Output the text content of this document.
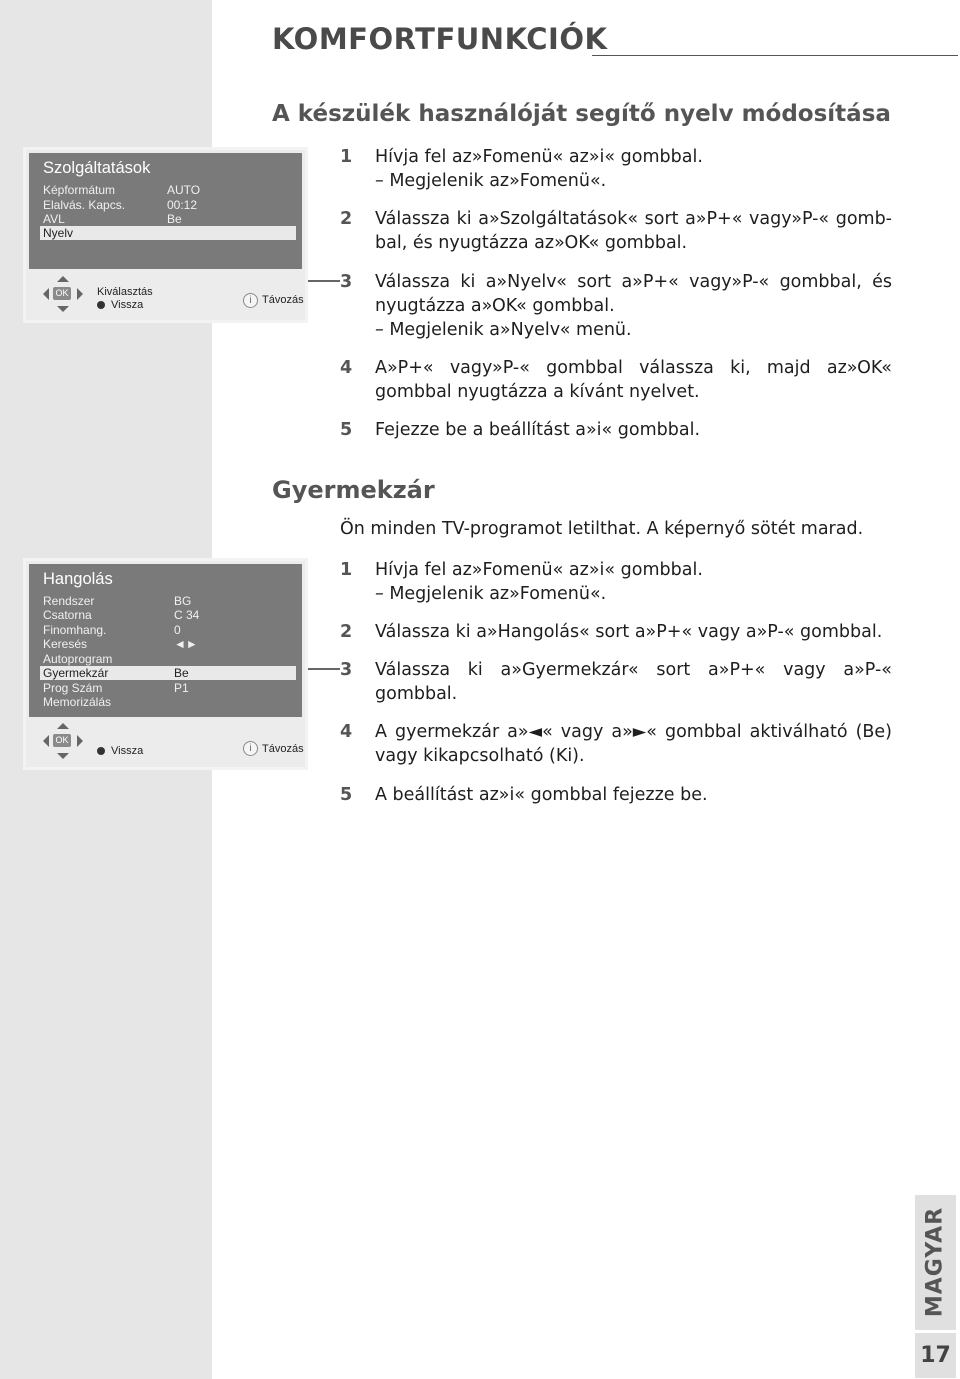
KOMFORTFUNKCIÓK
A készülék használóját segítő nyelv módosítása
1 Hívja fel az»Fomenü« az»i« gombbal.
– Megjelenik az»Fomenü«.
2 Válassza ki a»Szolgáltatások« sort a»P+« vagy»P-« gomb-bal, és nyugtázza az»OK« gombbal.
3 Válassza ki a»Nyelv« sort a»P+« vagy»P-« gombbal, és nyugtázza a»OK« gombbal.
– Megjelenik a»Nyelv« menü.
4 A»P+« vagy»P-« gombbal válassza ki, majd az»OK« gombbal nyugtázza a kívánt nyelvet.
5 Fejezze be a beállítást a»i« gombbal.
Szolgáltatások
Képformátum	AUTO
Elalvás. Kapcs.	00:12
AVL	Be
Nyelv
OK	Kiválasztás
Vissza	i Távozás
Gyermekzár
Ön minden TV-programot letilthat. A képernyő sötét marad.
1 Hívja fel az»Fomenü« az»i« gombbal.
– Megjelenik az»Fomenü«.
2 Válassza ki a»Hangolás« sort a»P+« vagy a»P-« gombbal.
3 Válassza ki a»Gyermekzár« sort a»P+« vagy a»P-« gombbal.
4 A gyermekzár a»◄« vagy a»►« gombbal aktiválható (Be) vagy kikapcsolható (Ki).
5 A beállítást az»i« gombbal fejezze be.
Hangolás
Rendszer	BG
Csatorna	C 34
Finomhang.	0
Keresés	◄►
Autoprogram
Gyermekzár	Be
Prog Szám	P1
Memorizálás
OK
Vissza	i Távozás
MAGYAR
17
